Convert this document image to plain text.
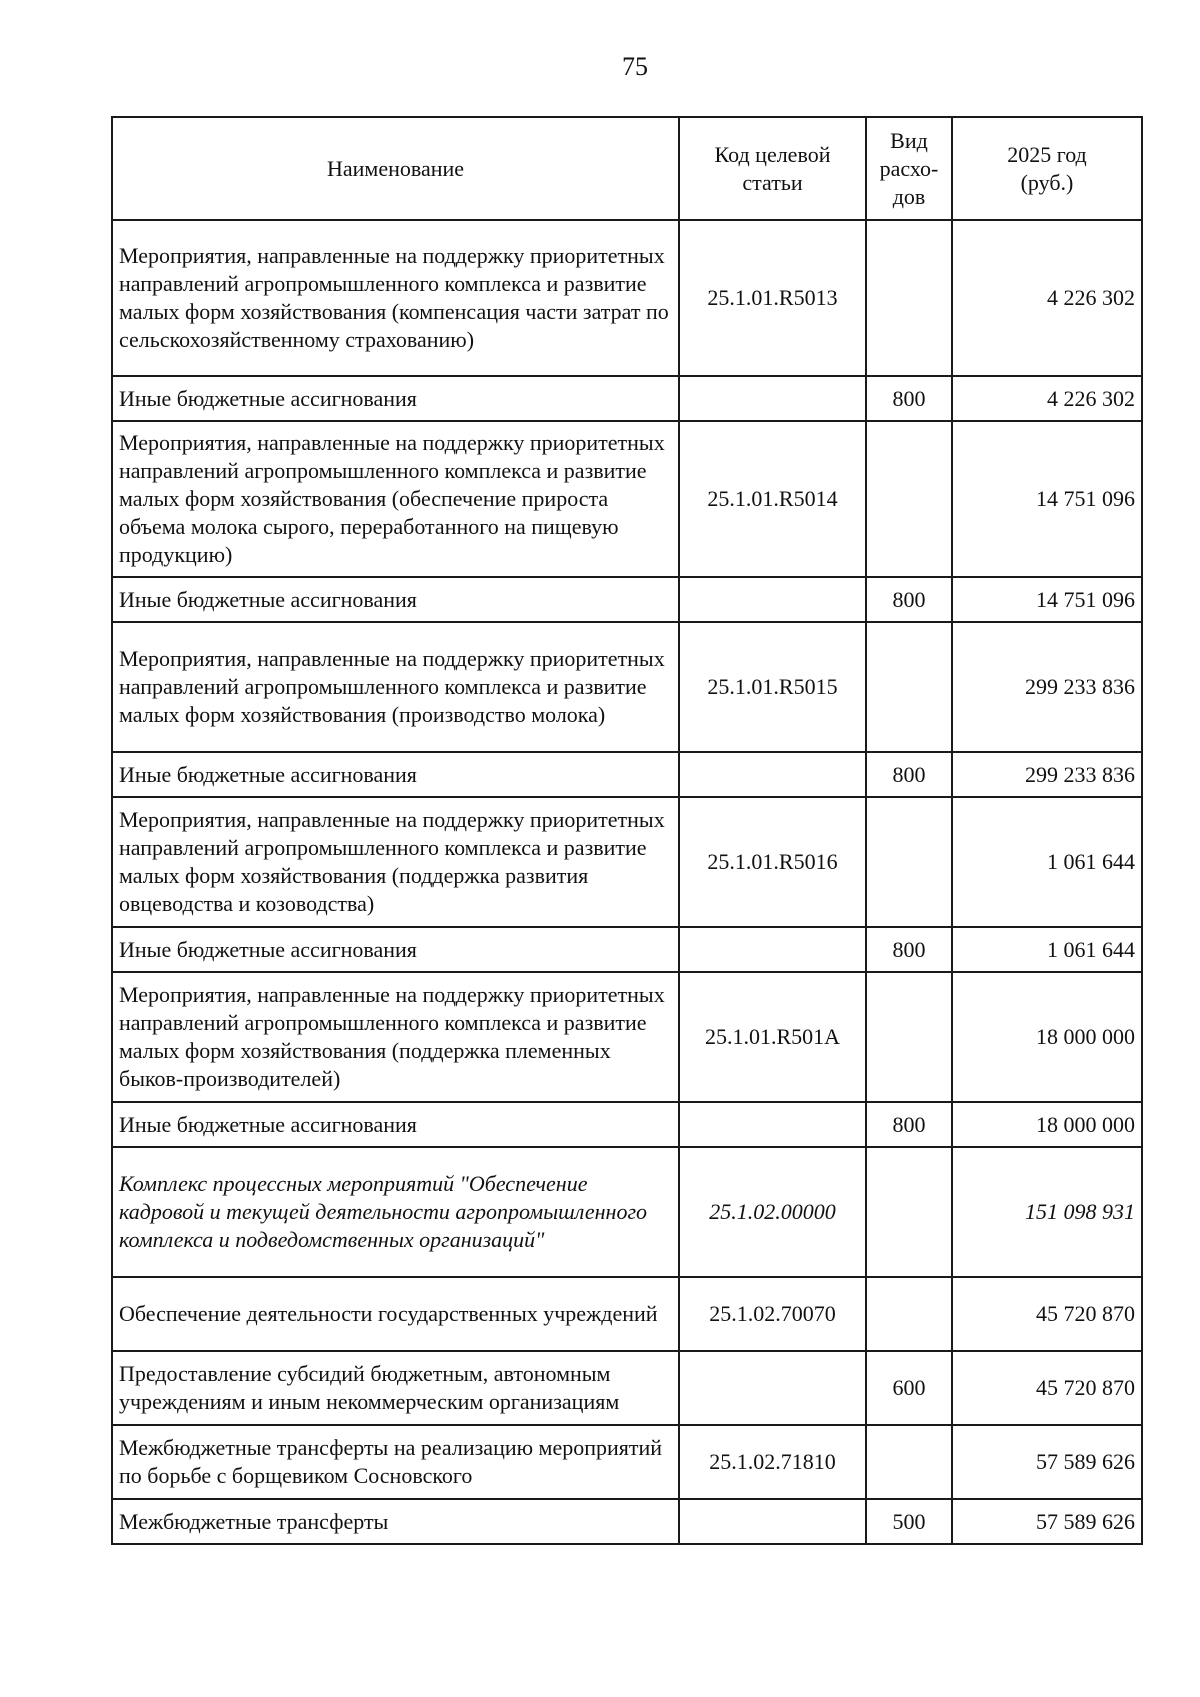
75
Наименование	Код целевой статьи	Вид расхо-дов	2025 год (руб.)
Мероприятия, направленные на поддержку приоритетных направлений агропромышленного комплекса и развитие малых форм хозяйствования (компенсация части затрат по сельскохозяйственному страхованию)	25.1.01.R5013		4 226 302
Иные бюджетные ассигнования		800	4 226 302
Мероприятия, направленные на поддержку приоритетных направлений агропромышленного комплекса и развитие малых форм хозяйствования (обеспечение прироста объема молока сырого, переработанного на пищевую продукцию)	25.1.01.R5014		14 751 096
Иные бюджетные ассигнования		800	14 751 096
Мероприятия, направленные на поддержку приоритетных направлений агропромышленного комплекса и развитие малых форм хозяйствования (производство молока)	25.1.01.R5015		299 233 836
Иные бюджетные ассигнования		800	299 233 836
Мероприятия, направленные на поддержку приоритетных направлений агропромышленного комплекса и развитие малых форм хозяйствования (поддержка развития овцеводства и козоводства)	25.1.01.R5016		1 061 644
Иные бюджетные ассигнования		800	1 061 644
Мероприятия, направленные на поддержку приоритетных направлений агропромышленного комплекса и развитие малых форм хозяйствования (поддержка племенных быков-производителей)	25.1.01.R501A		18 000 000
Иные бюджетные ассигнования		800	18 000 000
Комплекс процессных мероприятий "Обеспечение кадровой и текущей деятельности агропромышленного комплекса и подведомственных организаций"	25.1.02.00000		151 098 931
Обеспечение деятельности государственных учреждений	25.1.02.70070		45 720 870
Предоставление субсидий бюджетным, автономным учреждениям и иным некоммерческим организациям		600	45 720 870
Межбюджетные трансферты на реализацию мероприятий по борьбе с борщевиком Сосновского	25.1.02.71810		57 589 626
Межбюджетные трансферты		500	57 589 626
